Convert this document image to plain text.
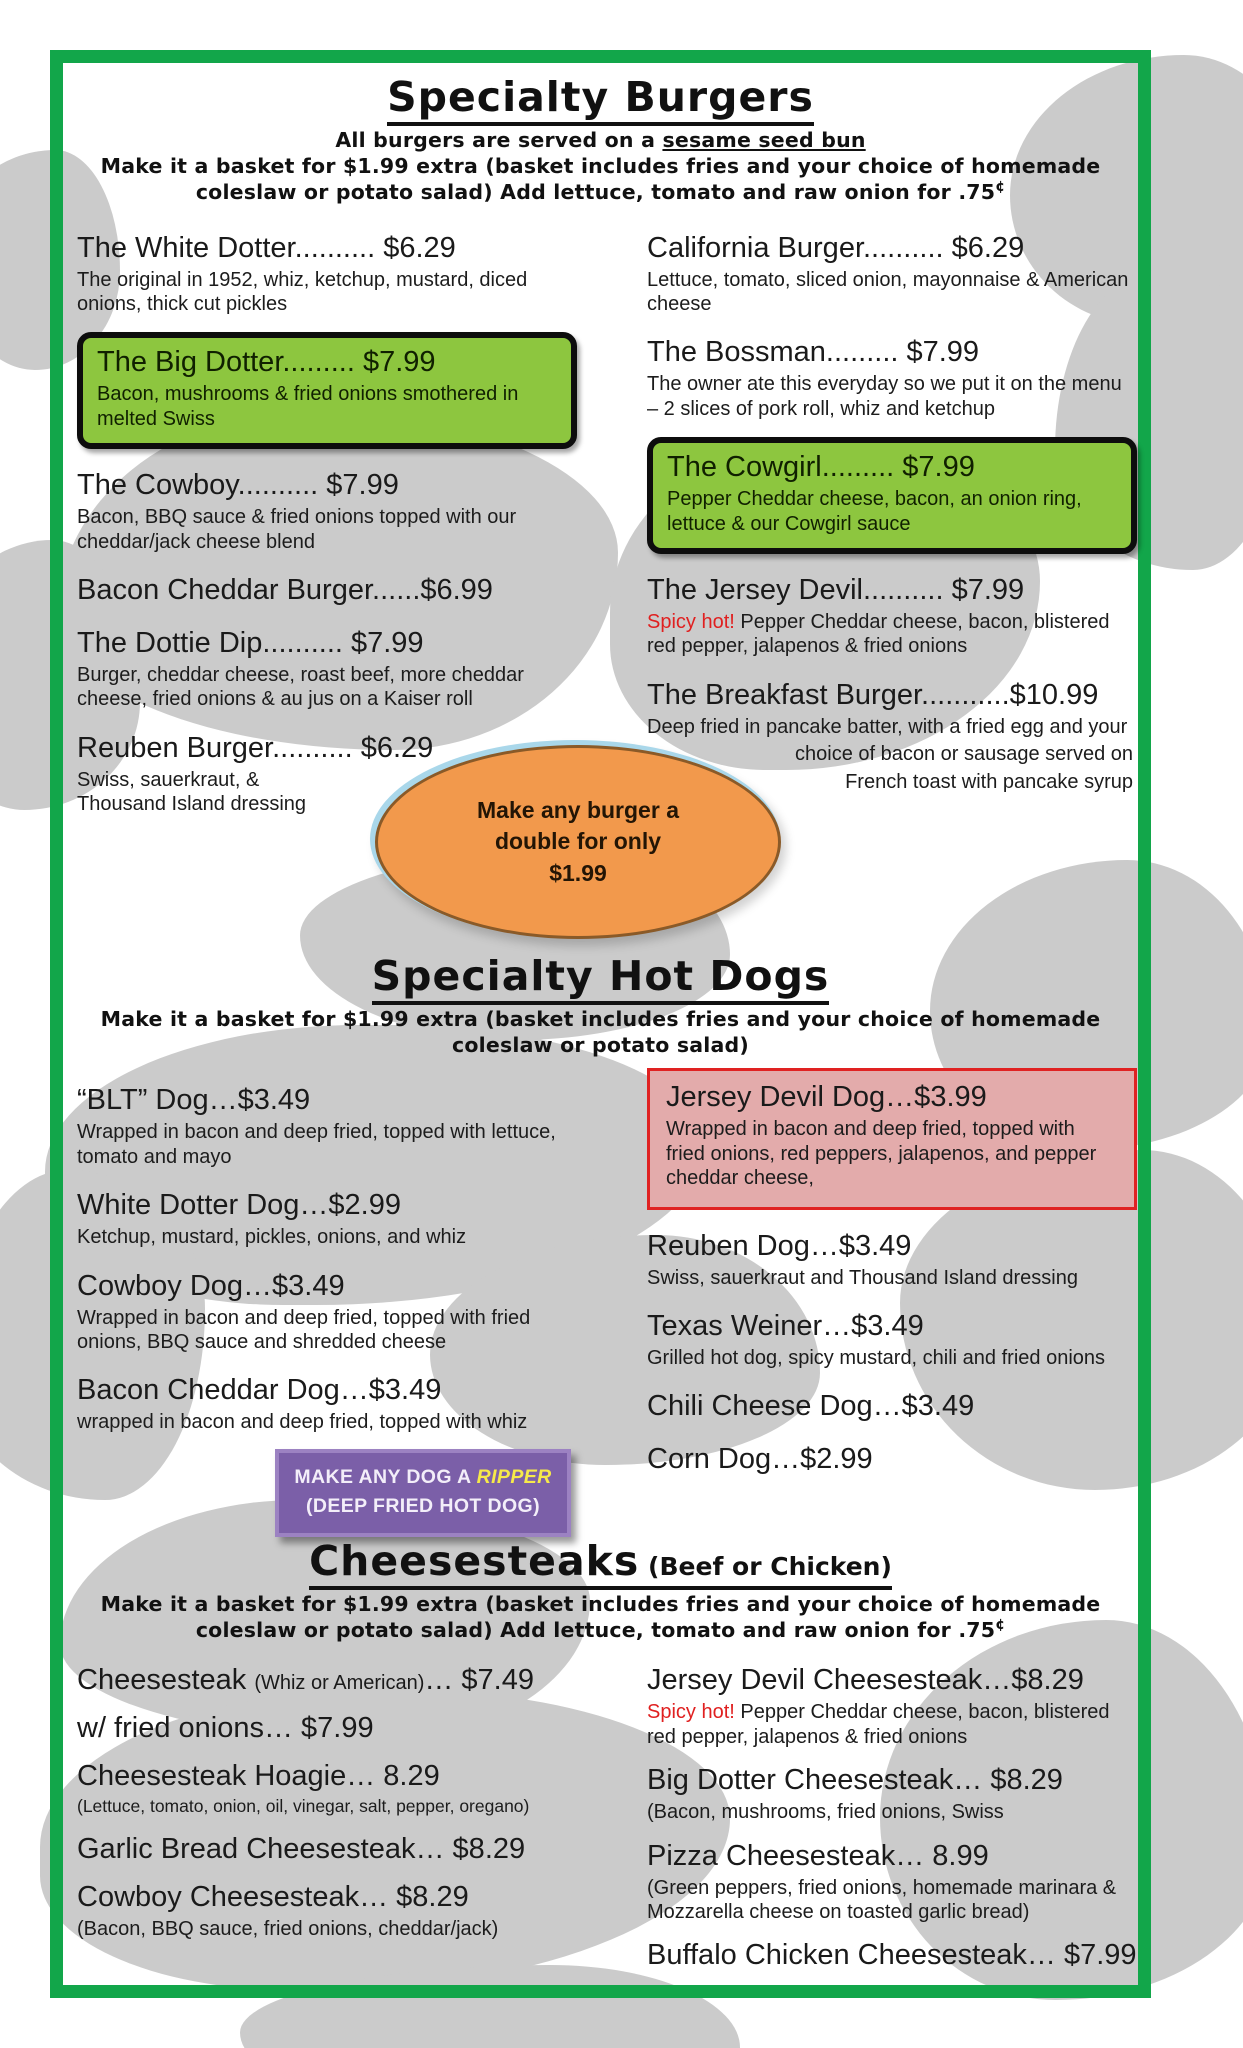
Specialty Burgers
All burgers are served on a sesame seed bun
Make it a basket for $1.99 extra (basket includes fries and your choice of homemade coleslaw or potato salad) Add lettuce, tomato and raw onion for .75¢
The White Dotter.......... $6.29
The original in 1952, whiz, ketchup, mustard, diced onions, thick cut pickles
The Big Dotter......... $7.99
Bacon, mushrooms & fried onions smothered in melted Swiss
The Cowboy.......... $7.99
Bacon, BBQ sauce & fried onions topped with our cheddar/jack cheese blend
Bacon Cheddar Burger......$6.99
The Dottie Dip.......... $7.99
Burger, cheddar cheese, roast beef, more cheddar cheese, fried onions & au jus on a Kaiser roll
Reuben Burger.......... $6.29
Swiss, sauerkraut, & Thousand Island dressing
California Burger.......... $6.29
Lettuce, tomato, sliced onion, mayonnaise & American cheese
The Bossman......... $7.99
The owner ate this everyday so we put it on the menu – 2 slices of pork roll, whiz and ketchup
The Cowgirl......... $7.99
Pepper Cheddar cheese, bacon, an onion ring, lettuce & our Cowgirl sauce
The Jersey Devil.......... $7.99
Spicy hot! Pepper Cheddar cheese, bacon, blistered red pepper, jalapenos & fried onions
The Breakfast Burger...........$10.99
Deep fried in pancake batter, with a fried egg and your
choice of bacon or sausage served on
French toast with pancake syrup
Make any burger a
double for only
$1.99
Specialty Hot Dogs
Make it a basket for $1.99 extra (basket includes fries and your choice of homemade coleslaw or potato salad)
“BLT” Dog…$3.49
Wrapped in bacon and deep fried, topped with lettuce, tomato and mayo
White Dotter Dog…$2.99
Ketchup, mustard, pickles, onions, and whiz
Cowboy Dog…$3.49
Wrapped in bacon and deep fried, topped with fried onions, BBQ sauce and shredded cheese
Bacon Cheddar Dog…$3.49
wrapped in bacon and deep fried, topped with whiz
MAKE ANY DOG A RIPPER
(DEEP FRIED HOT DOG)
Jersey Devil Dog…$3.99
Wrapped in bacon and deep fried, topped with fried onions, red peppers, jalapenos, and pepper cheddar cheese,
Reuben Dog…$3.49
Swiss, sauerkraut and Thousand Island dressing
Texas Weiner…$3.49
Grilled hot dog, spicy mustard, chili and fried onions
Chili Cheese Dog…$3.49
Corn Dog…$2.99
Cheesesteaks (Beef or Chicken)
Make it a basket for $1.99 extra (basket includes fries and your choice of homemade coleslaw or potato salad) Add lettuce, tomato and raw onion for .75¢
Cheesesteak (Whiz or American)… $7.49
w/ fried onions… $7.99
Cheesesteak Hoagie… 8.29
(Lettuce, tomato, onion, oil, vinegar, salt, pepper, oregano)
Garlic Bread Cheesesteak… $8.29
Cowboy Cheesesteak… $8.29
(Bacon, BBQ sauce, fried onions, cheddar/jack)
Jersey Devil Cheesesteak…$8.29
Spicy hot! Pepper Cheddar cheese, bacon, blistered red pepper, jalapenos & fried onions
Big Dotter Cheesesteak… $8.29
(Bacon, mushrooms, fried onions, Swiss
Pizza Cheesesteak… 8.99
(Green peppers, fried onions, homemade marinara & Mozzarella cheese on toasted garlic bread)
Buffalo Chicken Cheesesteak… $7.99
